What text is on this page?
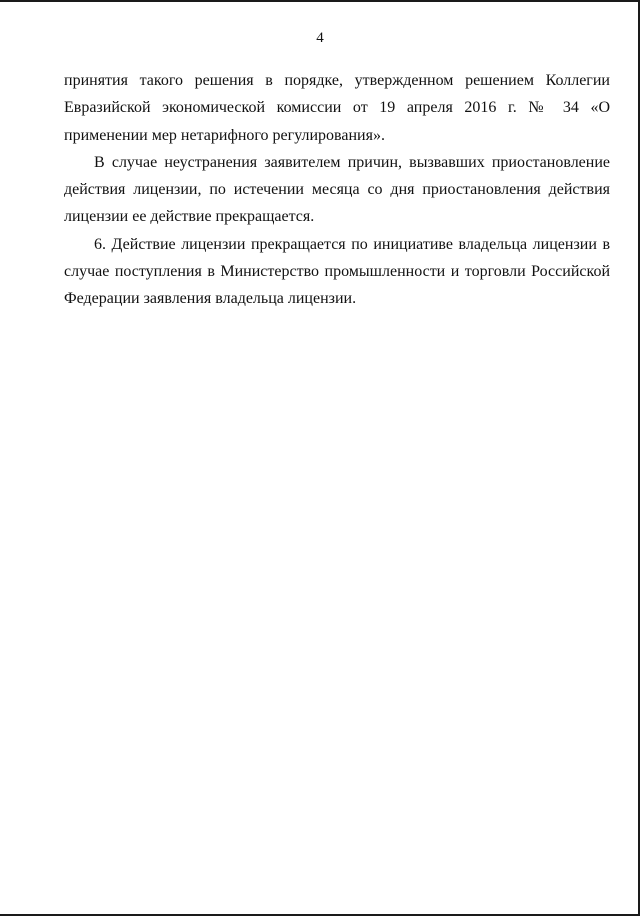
4

принятия такого решения в порядке, утвержденном решением Коллегии Евразийской экономической комиссии от 19 апреля 2016 г. № 34 «О применении мер нетарифного регулирования».

В случае неустранения заявителем причин, вызвавших приостановление действия лицензии, по истечении месяца со дня приостановления действия лицензии ее действие прекращается.

6. Действие лицензии прекращается по инициативе владельца лицензии в случае поступления в Министерство промышленности и торговли Российской Федерации заявления владельца лицензии.
